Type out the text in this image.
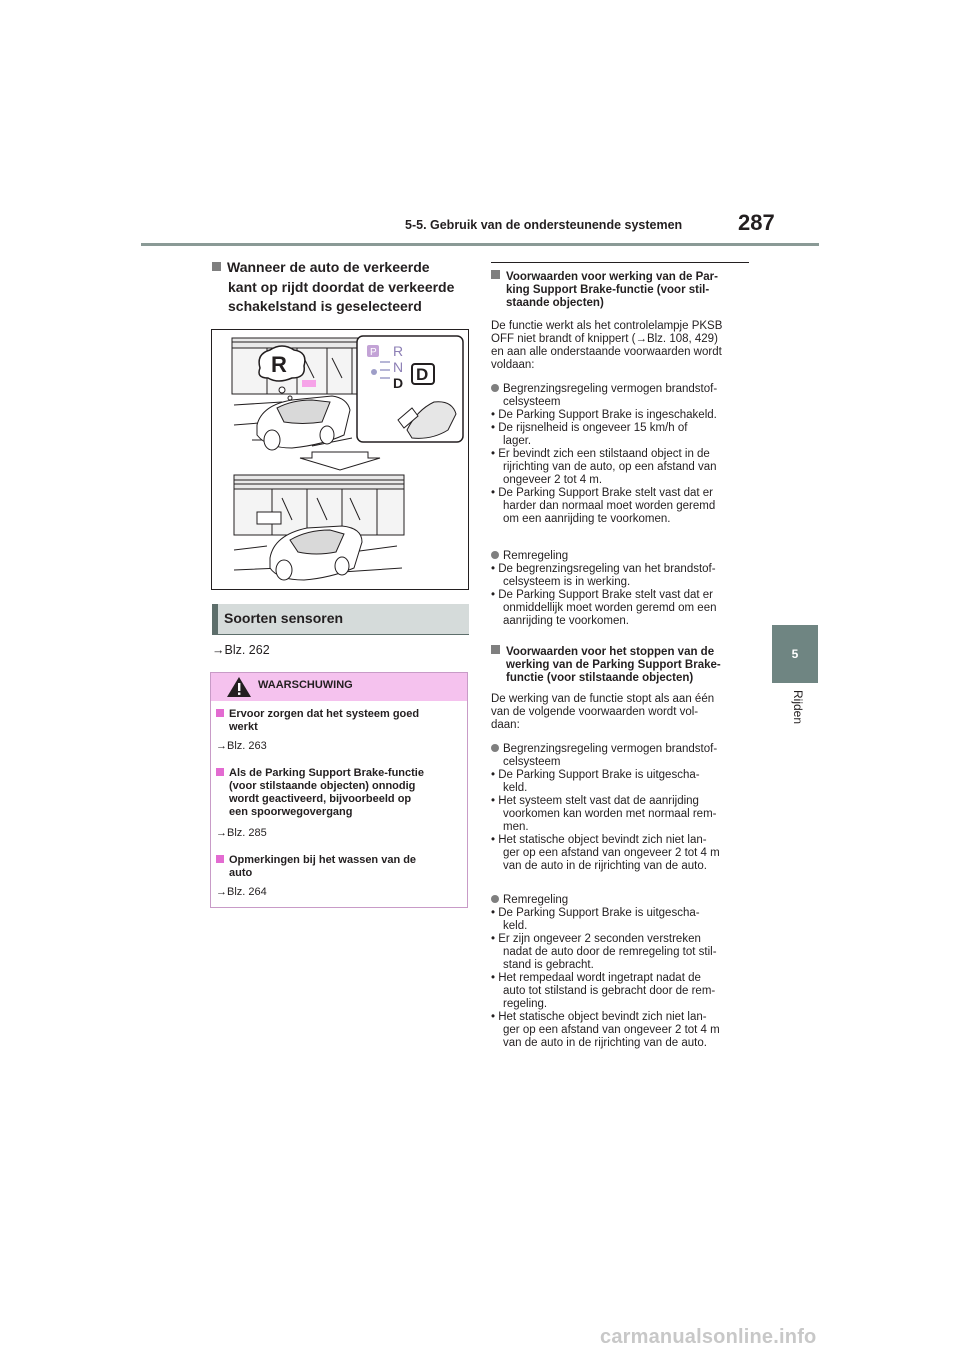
5-5. Gebruik van de ondersteunende systemen	287
5
Rijden
Wanneer de auto de verkeerde
kant op rijdt doordat de verkeerde
schakelstand is geselecteerd
R	P R
N
D D
Soorten sensoren
→Blz. 262
WAARSCHUWING
Ervoor zorgen dat het systeem goed
werkt
→Blz. 263
Als de Parking Support Brake-functie
(voor stilstaande objecten) onnodig
wordt geactiveerd, bijvoorbeeld op
een spoorwegovergang
→Blz. 285
Opmerkingen bij het wassen van de
auto
→Blz. 264
Voorwaarden voor werking van de Par-
king Support Brake-functie (voor stil-
staande objecten)
De functie werkt als het controlelampje PKSB
OFF niet brandt of knippert (→Blz. 108, 429)
en aan alle onderstaande voorwaarden wordt
voldaan:
Begrenzingsregeling vermogen brandstof-
celsysteem
• De Parking Support Brake is ingeschakeld.
• De rijsnelheid is ongeveer 15 km/h of
lager.
• Er bevindt zich een stilstaand object in de
rijrichting van de auto, op een afstand van
ongeveer 2 tot 4 m.
• De Parking Support Brake stelt vast dat er
harder dan normaal moet worden geremd
om een aanrijding te voorkomen.
Remregeling
• De begrenzingsregeling van het brandstof-
celsysteem is in werking.
• De Parking Support Brake stelt vast dat er
onmiddellijk moet worden geremd om een
aanrijding te voorkomen.
Voorwaarden voor het stoppen van de
werking van de Parking Support Brake-
functie (voor stilstaande objecten)
De werking van de functie stopt als aan één
van de volgende voorwaarden wordt vol-
daan:
Begrenzingsregeling vermogen brandstof-
celsysteem
• De Parking Support Brake is uitgescha-
keld.
• Het systeem stelt vast dat de aanrijding
voorkomen kan worden met normaal rem-
men.
• Het statische object bevindt zich niet lan-
ger op een afstand van ongeveer 2 tot 4 m
van de auto in de rijrichting van de auto.
Remregeling
• De Parking Support Brake is uitgescha-
keld.
• Er zijn ongeveer 2 seconden verstreken
nadat de auto door de remregeling tot stil-
stand is gebracht.
• Het rempedaal wordt ingetrapt nadat de
auto tot stilstand is gebracht door de rem-
regeling.
• Het statische object bevindt zich niet lan-
ger op een afstand van ongeveer 2 tot 4 m
van de auto in de rijrichting van de auto.
carmanualsonline.info
